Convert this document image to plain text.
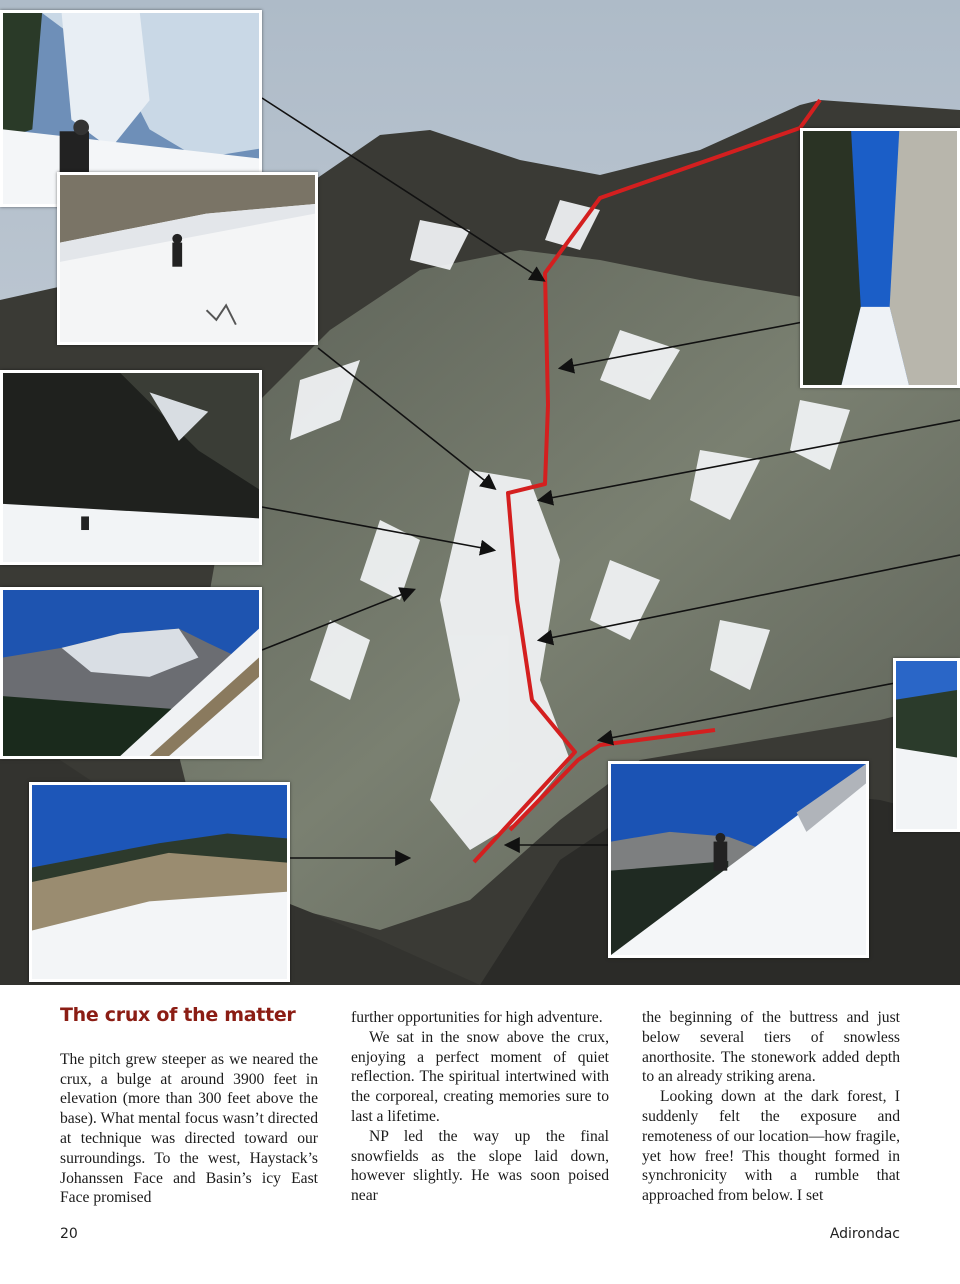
The crux of the matter

The pitch grew steeper as we neared the crux, a bulge at around 3900 feet in elevation (more than 300 feet above the base). What mental focus wasn’t directed at technique was directed toward our surroundings. To the west, Haystack’s Johanssen Face and Basin’s icy East Face promised

further opportunities for high adventure.

We sat in the snow above the crux, enjoying a perfect moment of quiet reflection. The spiritual intertwined with the corporeal, creating memories sure to last a lifetime.

NP led the way up the final snowfields as the slope laid down, however slightly. He was soon poised near

the beginning of the buttress and just below several tiers of snowless anorthosite. The stonework added depth to an already striking arena.

Looking down at the dark forest, I suddenly felt the exposure and remoteness of our location—how fragile, yet how free! This thought formed in synchronicity with a rumble that approached from below. I set

20	Adirondac
